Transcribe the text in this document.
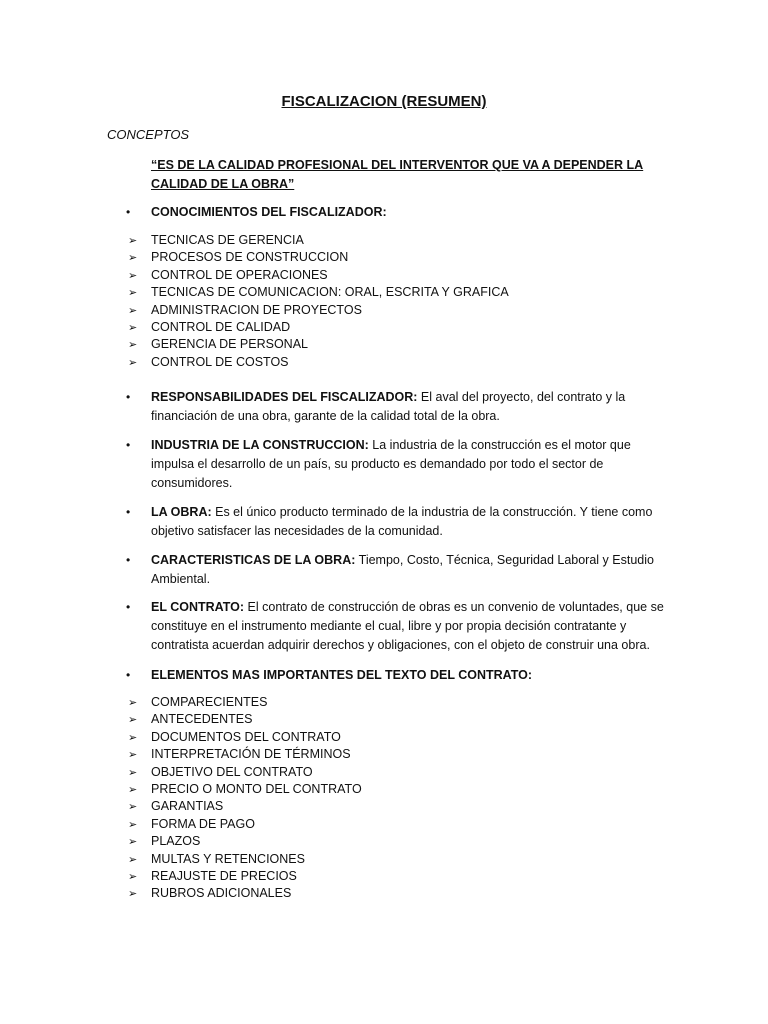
FISCALIZACION (RESUMEN)
CONCEPTOS
“ES DE LA CALIDAD PROFESIONAL DEL INTERVENTOR QUE VA A DEPENDER LA CALIDAD DE LA OBRA”
• CONOCIMIENTOS DEL FISCALIZADOR:
➢ TECNICAS DE GERENCIA
➢ PROCESOS DE CONSTRUCCION
➢ CONTROL DE OPERACIONES
➢ TECNICAS DE COMUNICACION: ORAL, ESCRITA Y GRAFICA
➢ ADMINISTRACION DE PROYECTOS
➢ CONTROL DE CALIDAD
➢ GERENCIA DE PERSONAL
➢ CONTROL DE COSTOS
• RESPONSABILIDADES DEL FISCALIZADOR: El aval del proyecto, del contrato y la financiación de una obra, garante de la calidad total de la obra.
• INDUSTRIA DE LA CONSTRUCCION: La industria de la construcción es el motor que impulsa el desarrollo de un país, su producto es demandado por todo el sector de consumidores.
• LA OBRA: Es el único producto terminado de la industria de la construcción. Y tiene como objetivo satisfacer las necesidades de la comunidad.
• CARACTERISTICAS DE LA OBRA: Tiempo, Costo, Técnica, Seguridad Laboral y Estudio Ambiental.
• EL CONTRATO: El contrato de construcción de obras es un convenio de voluntades, que se constituye en el instrumento mediante el cual, libre y por propia decisión contratante y contratista acuerdan adquirir derechos y obligaciones, con el objeto de construir una obra.
• ELEMENTOS MAS IMPORTANTES DEL TEXTO DEL CONTRATO:
➢ COMPARECIENTES
➢ ANTECEDENTES
➢ DOCUMENTOS DEL CONTRATO
➢ INTERPRETACIÓN DE TÉRMINOS
➢ OBJETIVO DEL CONTRATO
➢ PRECIO O MONTO DEL CONTRATO
➢ GARANTIAS
➢ FORMA DE PAGO
➢ PLAZOS
➢ MULTAS Y RETENCIONES
➢ REAJUSTE DE PRECIOS
➢ RUBROS ADICIONALES
